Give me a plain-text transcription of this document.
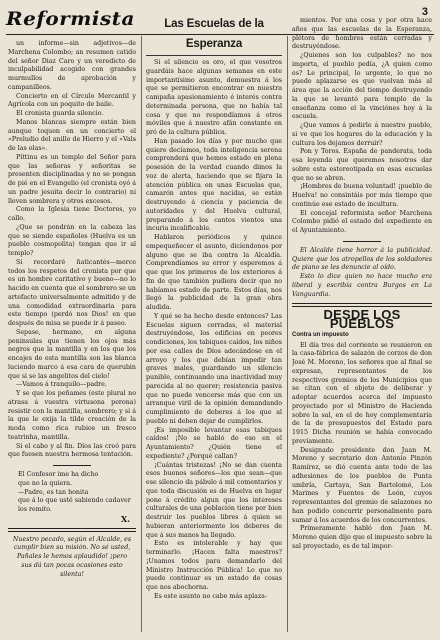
Reformista	3

un informe—sin adjetivos—de Marchena Colombo; an resumen catido del señor Diaz Caro y un veredicto de inculpabilidad acogido con grandes murmullos de aprobación y campanilleos.

Concierto en el Círculo Mercantil y Agrícola con un poquito de baile.

El cronista guarda silencio.

Manos blancas siempre están bien aunque toquen en un concierto el «Preludio del anillo de Hierro y el «Vals de las olas».

Píttinu es un templo del Señor para que las señoras y señoritas se presenten disciplinadas y no se pongan de pié en el Evangelio (el cronista oyó á un padre jesuita decir lo contrario) ni lleven sombrera y otros excesos.

Como la Iglesia tiene Doctores, yo callo.

¿Que se pondrán en la cabeza las que se siendo españoles (Huelva es un pueblo cosmopolita) tengan que ir al templo?

Si recordaré ñaticantés—merce todos los respetos del cronista por que es un hombre caritativo y bueno—no lo hacido en cuenta que el sombrero se un artefacto universalmente admitido y de una comodidad extraordinaria para este tiempo (perdó nos Dios! en que después de misa se puede ir á paseo.

Sepase, hermano, en alguna peninsulas que tienen los ojos más negros que la mantilla y en los que los encajes de esta mantilla son las blanca luciendo marco á esa cara de querubin que si se las angelitos del cielo!

—Vamos á tranquilo—padre.

Y se que los peñames (este plural no atrasa á vuestra virtusona perona) resistir con la mantilla, sombrero; y si á la que le exija la tilde creación de la moda como rica rubios un fresco teatrinha, mantilla.

Si el cabo y al fin. Díos las creó para que fuesen nuestra hermosa tentación.

El Confesor ime ha dicho
que no la quiera.
—Padre, es tan bonita
que á lo que usté sabiendo cadaver
los remito.
X.
Nuestro pecado, según el Alcalde, es cumplir bien su misión. No sé usted, Pañales le hemos aplaudido! ¡pero sus dá tan pocas ocasiones esto silenta!
Las Escuelas de la Esperanza

Si el silencio es oro, el que vosotros guardáis hace algunas semanas en este importantísimo asunto, demuestra á los que se permitieron encontrar en nuestra campaña apasionamiento é interés contra determinada persona, que no había tal cosa y que no respondíamos á otros móviles que á nuestro afán constante en pró de la cultura pública.

Han pasado los días y por mucho que quiere decíamos, toda inteligencia serena comprenderá que hemos estado en plena posesión de la verdad cuando dimos la voz de alerta, haciendo que se fijara la atención pública en unas Escuelas que, camarón antes que nacidas, se están destruyendo á ciencia y paciencia de autoridades y del Huelva cultural, preparando á los cantos vientos una incuria incalificable.

Hablaron periódicos y quince empequeñecer el asunto, dicíendonos por alguno que se iba contra la Alcaldía. Comprendíamos su error y esperemos á que que los primeros de los exteriores á fin de que también pudiera decir que no habíamos estado de parte. Estos días, nos llegó la publicidad de la gran obra aludida.

Y qué se ha hecho desde entonces? Las Escuelas siguen cerradas, el material destruyéndose, los edificios en peores condiciones, los tabiques caídos, los niños por esa calles de Díos adecándose en el arroyo y los que debían impedir tan graves males, guardando un silencio punible, continuando una inactividad muy parecida al no querer; resistencia pasiva que no puede vencerse más que con un arranque viril de la opinión demandando cumplimiento de deberes á los que al pueblo ni deben dejar de cumplirlos.

¡Es imposible levantar esas tabiques caídos! ¡No se habló de eso en el Ayuntamiento? ¿Quién tiene el expediente? ¿Porqué callan?

¡Cuántas tristezas! ¡No se dan cuenta esos buenos señores—los que sean—que ese silencio da pábulo á mil comentarios y que toda discusión es de Huelva en lugar pone á crédito algun que los intereses culturales de una población tiene por bien destruir los pueblos libres á quien se hubieran anteriormente los deberes de que á sus manos ha llegado.

Esto es intolerable y hay que terminarlo. ¡Hacen falta maestros? ¡Unamos todos para demandarlo del Ministro Instrucción Pública! Lo que no puede continuar es un estado de cosas que nos abochorna.

Es este asunto no cabe más aplaza-

mientos. Por una cosa y por otra hace años que las escuelas de la Esperanza, plétora de hombres están cerradas y destruyéndose.

¿Quienes son los culpables? no nos importa, el pueblo pedía, ¿A quien como es? Le principal, lo urgente, lo que no puede aplazarse es que vuelvan más al área que la acción del tiempo destruyendo la que se levantó para templo de la enseñanza como el la vinciónes hoy á la escuela.

¿Que vamos á pedirle á nuestro pueblo, si ve que los hogares de la educación y la cultura los dejamos derruir?

Pon y Toros. España de panderata, toda esa leyenda que queremos nosotros dar sobre esta estereotipada en esas escuelas que no se abren.

¡Hombres de buena voluntad! ¡pueblo de Huelva! no consintáis por más tiempo que continúe ese estado de incultura.

El concejal reformista señor Marchena Colombo pidió el estado del expediente en el Ayuntamiento.

El Alcalde tiene horror á la publicidad. Quiere que los atropellos de los soldadores de piano se les denuncie al oído.

Esto lo dice quien no hace mucho era liberal y escribía contra Burgos en La Vanguardia.

DESDE LOS PUEBLOS
Contra un impuesto

El día tres del corriente se reunieron en la casa-fábrica de salazón de corzos de don José M. Moreno, los señores que al final se expresan, representantes de los respectivos gremios de los Municipios que se citan con el objeto de deliberar y adoptar acuerdos acerca del impuesto proyectado por el Ministro de Hacienda sobre la sal, en el de hoy complementaria de la de presupuestos del Estado para 1915 Dicha reunión se había convocado previamente.

Designado presidente don Juan M. Moreno y secretario don Antonio Pinzón Ramírez, se dió cuenta ante todo de las adhesiones de los pueblos de Punta umbría, Cartaya, San Bartolomé, Los Marines y Fuentes de León, cuyos representantes del gremio de salazones no han podido concurrir personalmente para sumar á los acuerdos de los concurrentes.

Primeramente habló don Juan M. Moreno quien dijo que el impuesto sobre la sal proyectado, es de tal impor-
